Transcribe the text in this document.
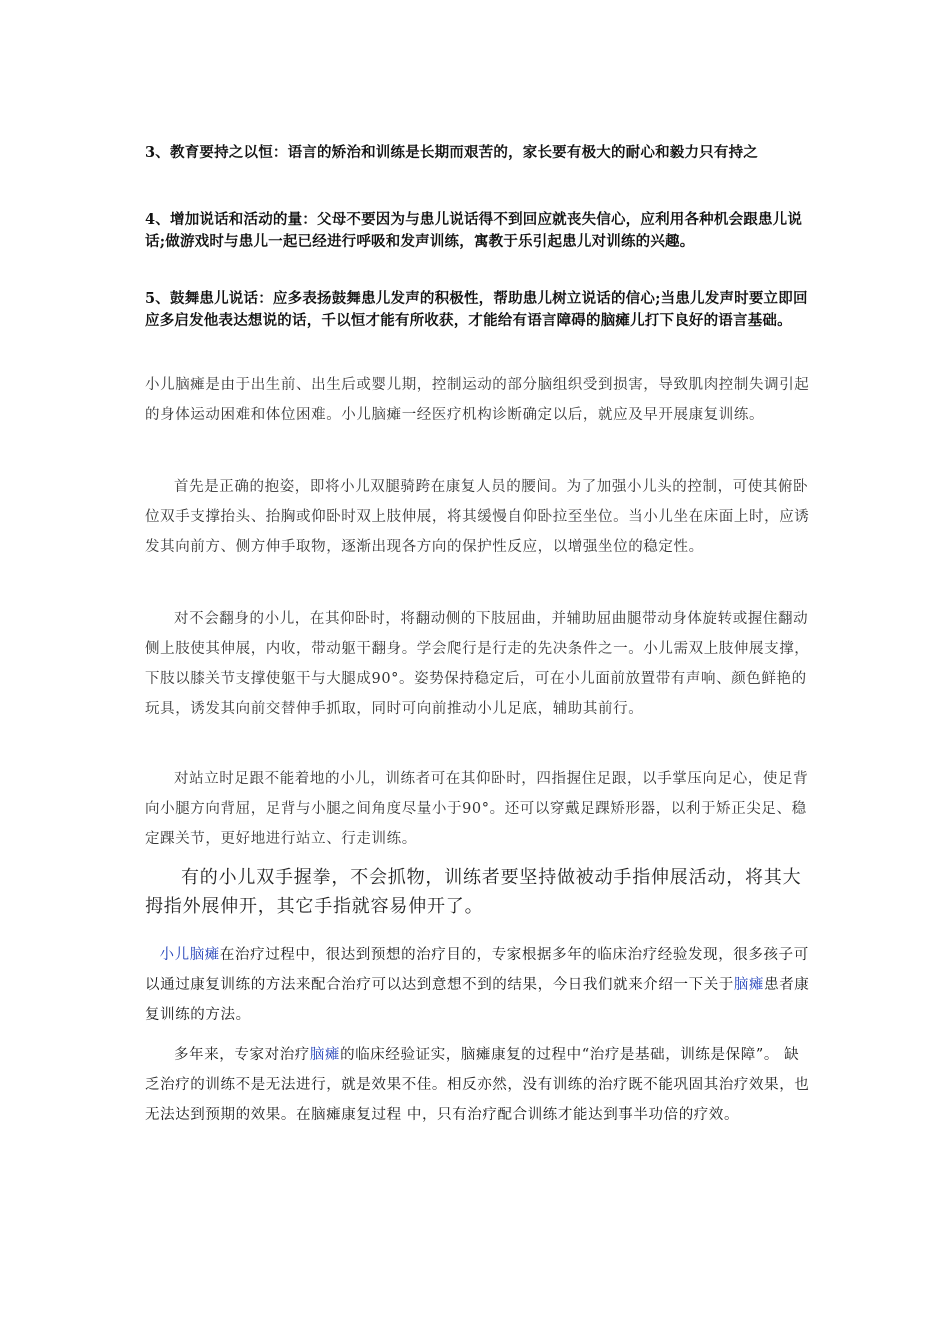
3、教育要持之以恒：语言的矫治和训练是长期而艰苦的，家长要有极大的耐心和毅力只有持之

4、增加说话和活动的量：父母不要因为与患儿说话得不到回应就丧失信心，应利用各种机会跟患儿说话;做游戏时与患儿一起已经进行呼吸和发声训练，寓教于乐引起患儿对训练的兴趣。

5、鼓舞患儿说话：应多表扬鼓舞患儿发声的积极性，帮助患儿树立说话的信心;当患儿发声时要立即回应多启发他表达想说的话，千以恒才能有所收获，才能给有语言障碍的脑瘫儿打下良好的语言基础。

小儿脑瘫是由于出生前、出生后或婴儿期，控制运动的部分脑组织受到损害，导致肌肉控制失调引起的身体运动困难和体位困难。小儿脑瘫一经医疗机构诊断确定以后，就应及早开展康复训练。

首先是正确的抱姿，即将小儿双腿骑跨在康复人员的腰间。为了加强小儿头的控制，可使其俯卧位双手支撑抬头、抬胸或仰卧时双上肢伸展，将其缓慢自仰卧拉至坐位。当小儿坐在床面上时，应诱发其向前方、侧方伸手取物，逐渐出现各方向的保护性反应，以增强坐位的稳定性。

对不会翻身的小儿，在其仰卧时，将翻动侧的下肢屈曲，并辅助屈曲腿带动身体旋转或握住翻动侧上肢使其伸展，内收，带动躯干翻身。学会爬行是行走的先决条件之一。小儿需双上肢伸展支撑，下肢以膝关节支撑使躯干与大腿成90°。姿势保持稳定后，可在小儿面前放置带有声响、颜色鲜艳的玩具，诱发其向前交替伸手抓取，同时可向前推动小儿足底，辅助其前行。

对站立时足跟不能着地的小儿，训练者可在其仰卧时，四指握住足跟，以手掌压向足心，使足背向小腿方向背屈，足背与小腿之间角度尽量小于90°。还可以穿戴足踝矫形器，以利于矫正尖足、稳定踝关节，更好地进行站立、行走训练。

有的小儿双手握拳，不会抓物，训练者要坚持做被动手指伸展活动，将其大拇指外展伸开，其它手指就容易伸开了。

小儿脑瘫在治疗过程中，很达到预想的治疗目的，专家根据多年的临床治疗经验发现，很多孩子可以通过康复训练的方法来配合治疗可以达到意想不到的结果，今日我们就来介绍一下关于脑瘫患者康复训练的方法。

多年来，专家对治疗脑瘫的临床经验证实，脑瘫康复的过程中“治疗是基础，训练是保障”。 缺乏治疗的训练不是无法进行，就是效果不佳。相反亦然，没有训练的治疗既不能巩固其治疗效果，也无法达到预期的效果。在脑瘫康复过程 中，只有治疗配合训练才能达到事半功倍的疗效。
